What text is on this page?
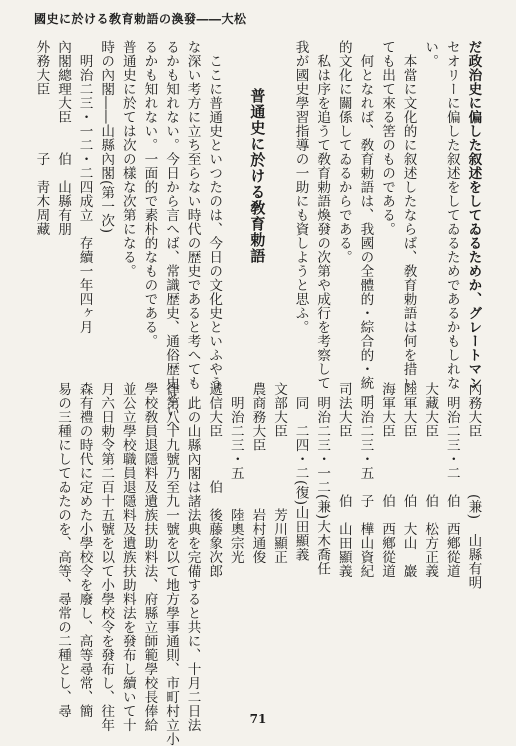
國史に於ける敎育勅語の渙發――大松
だ政治史に偏した叙述をしてゐるためか、グレートマン
セオリーに偏した叙述をしてゐるためであるかもしれな
い。
　本當に文化的に叙述したならば、敎育勅語は何を措い
ても出て來る筈のものである。
　何となれば、敎育勅語は、我國の全體的・綜合的・統一
的文化に關係してゐるからである。
　私は序を追うて敎育勅語煥發の次第や成行を考察して
我が國史學習指導の一助にも資しようと思ふ。
　　　普通史に於ける敎育勅語
　ここに普通史といつたのは、今日の文化史といふやう
な深い考方に立ち至らない時代の歴史であると考へても
るかも知れない。今日から言へば、常識歴史、通俗歴史といへ
るかも知れない。一面的で素朴的なものである。
普通史に於ては次の樣な次第になる。
時の內閣――山縣內閣(第一次)
　明治二三・一二・二四成立　存續一年四ヶ月
內閣總理大臣　　伯　山縣有朋
外務大臣　　　　子　靑木周藏
內務大臣　　　　(兼)　山縣有明
　明治二三・二　伯　西鄕從道
大藏大臣　　　　伯　松方正義
陸軍大臣　　　　伯　大山　巖
海軍大臣　　　　伯　西鄕從道
　明治二三・五　子　樺山資紀
司法大臣　　　　伯　山田顯義
　明治二三・一二(兼)大木喬任
　同　二四・二(復)山田顯義
文部大臣　　　　　芳川顯正
農商務大臣　　　　岩村通俊
　明治二三・五　　陸奧宗光
遞信大臣　　　伯　後藤象次郎
　此の山縣內閣は諸法典を完備すると共に、十月二日法
律第八十九號乃至九一號を以て地方學事通則、市町村立小
學校敎員退隱料及遺族扶助料法、府縣立師範學校長俸給
並公立學校職員退隱料及遺族扶助料法を發布し續いて十
月六日勅令第二百十五號を以て小學校令を發布し、往年
森有禮の時代に定めた小學校令を廢し、高等尋常、簡
易の三種にしてゐたのを、高等、尋常の二種とし、尋
71
